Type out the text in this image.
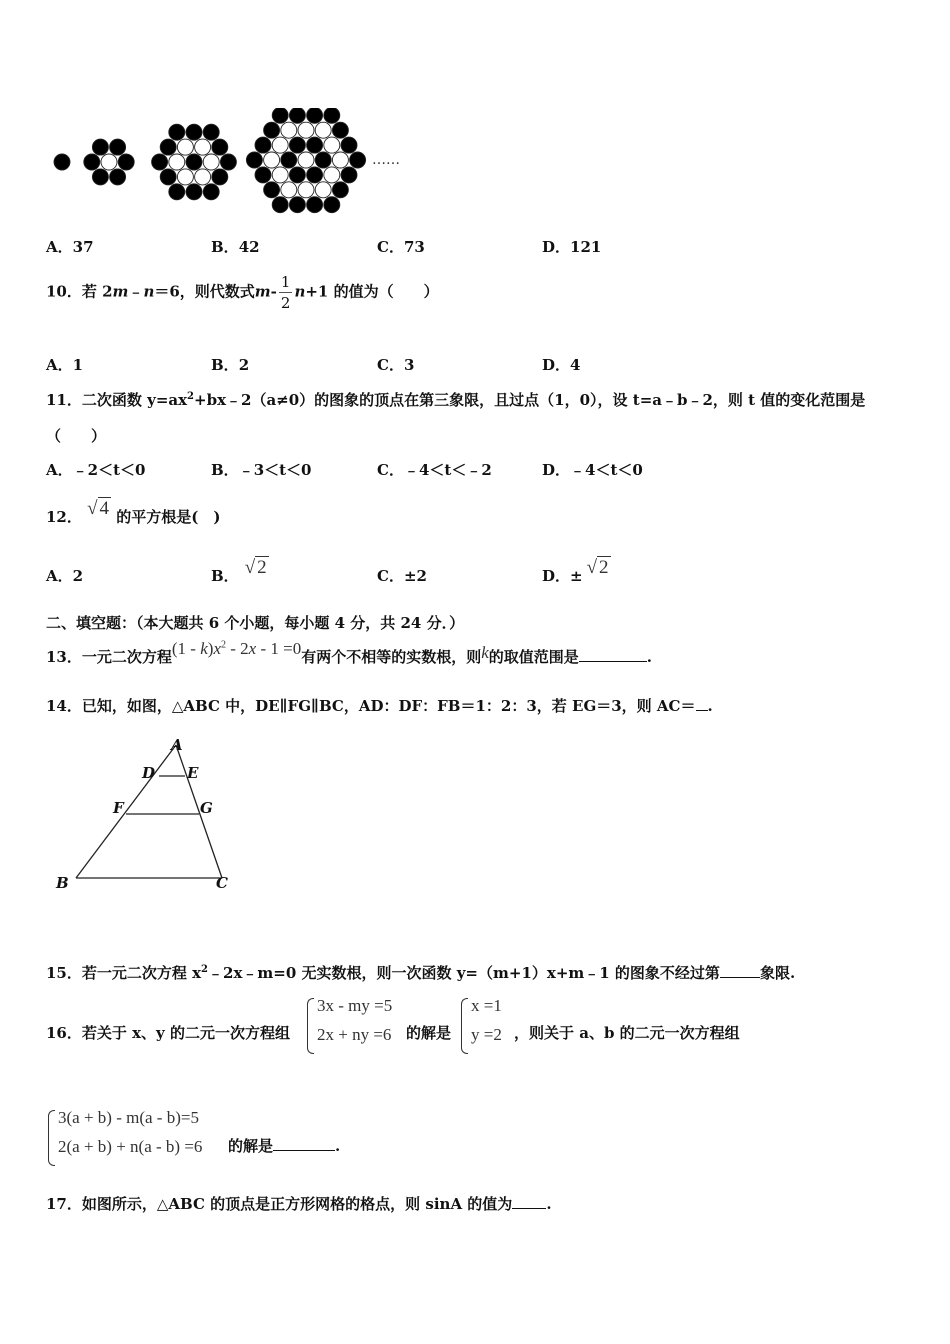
……
A．37	B．42	C．73	D．121
10．若 2m﹣n＝6，则代数式$m- \frac{1}{2} n+1$ 的值为（　　）
A．1	B．2	C．3	D．4
11．二次函数 $y=ax^2+bx﹣2(a\ne 0)$的图象的顶点在第三象限，且过点（1，0），设 t=a﹣b﹣2，则 t 值的变化范围是
（　　）
A．﹣2＜t＜0	B．﹣3＜t＜0	C．﹣4＜t＜﹣2	D．﹣4＜t＜0
12． √ 4 的平方根是(　)
A．2	B． √ 2	C．±2	D．± √ 2
二、填空题：（本大题共 6 个小题，每小题 4 分，共 24 分．）
13．一元二次方程$(1 - k)x^2 - 2x - 1 =0$有两个不相等的实数根，则k的取值范围是	.
14．已知，如图，△ABC 中，DE∥FG∥BC，AD：DF：FB＝1：2：3，若 EG＝3，则 AC＝ .
A
D E
F	G
B	C
15．若一元二次方程 $x^2﹣2x﹣m=0$ 无实数根，则一次函数 y=（m+1）x+m﹣1 的图象不经过第	象限.
16．若关于 x、y 的二元一次方程组
3x - my =5
2x + ny =6 的解是
x =1
y =2 ，则关于 a、b 的二元一次方程组
3(a + b) - m(a - b)=5
2(a + b) + n(a - b) =6 的解是	.
17．如图所示，△ABC 的顶点是正方形网格的格点，则 sinA 的值为 .
